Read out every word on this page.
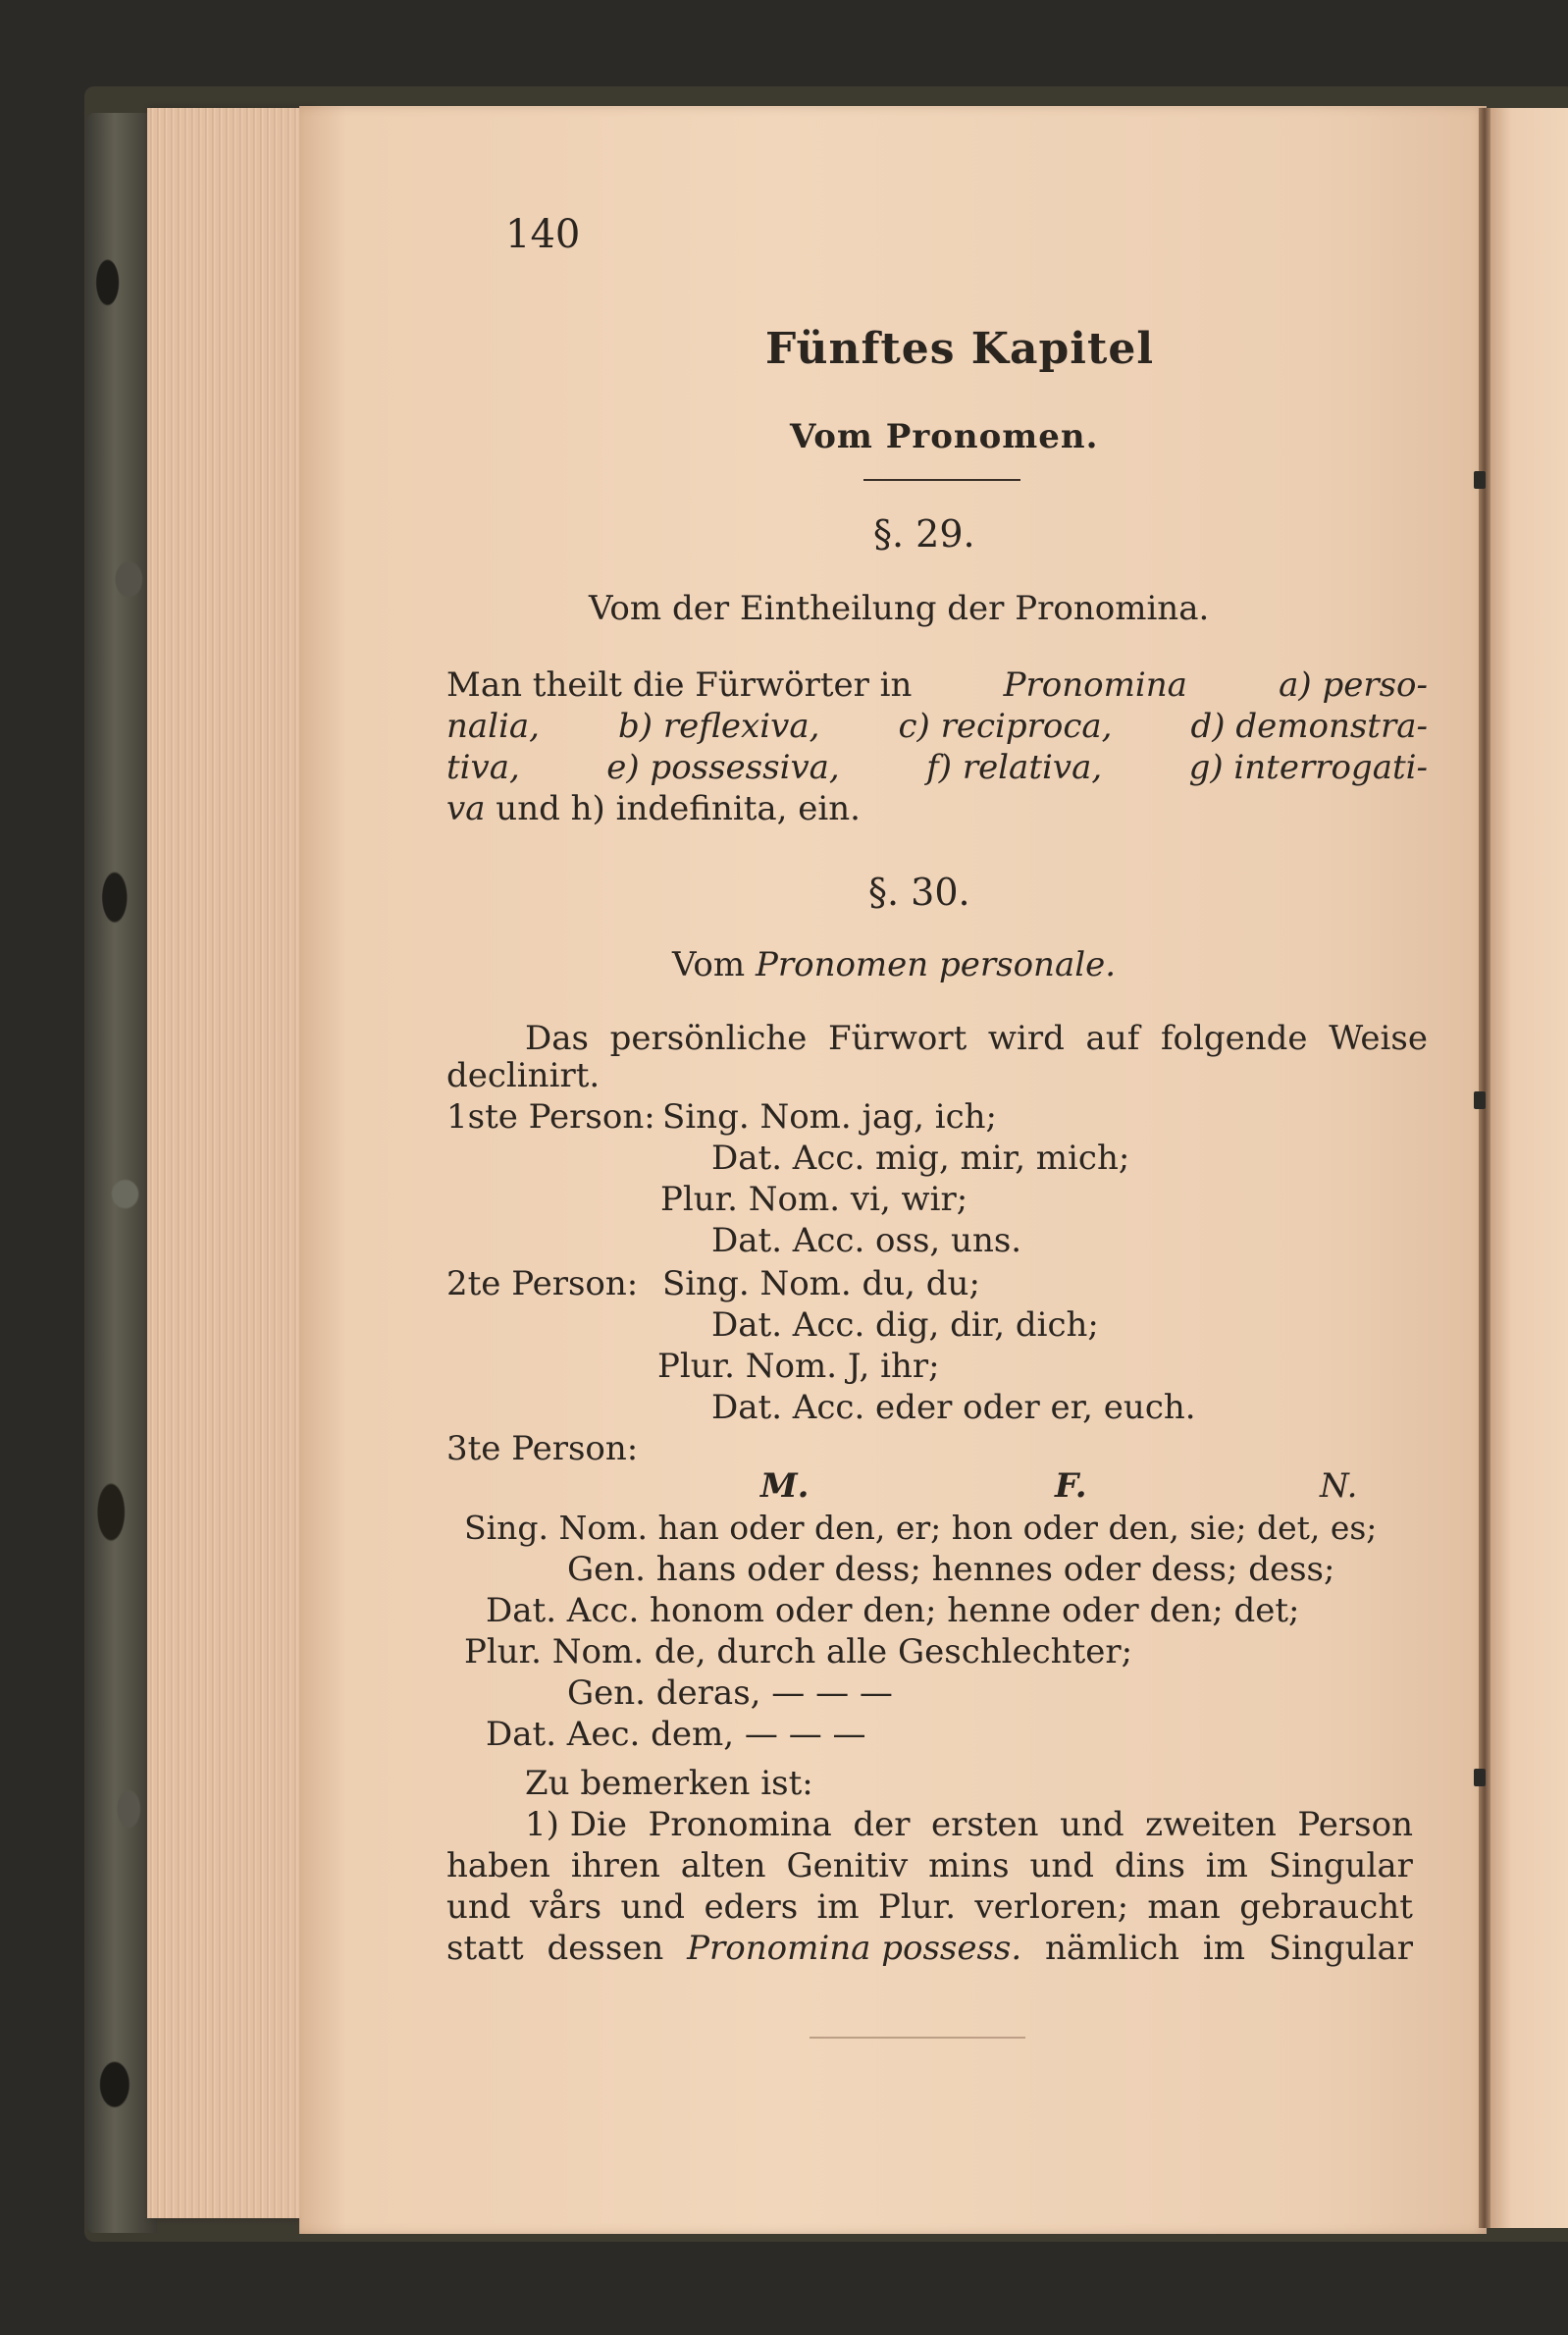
140
Fünftes Kapitel
Vom Pronomen.
§. 29.
Vom der Eintheilung der Pronomina.
Man theilt die Fürwörter in	Pronomina	a) perso-
nalia, b) reflexiva, c) reciproca, d) demonstra-
tiva,	e) possessiva,	f) relativa,	g) interrogati-
va und h) indefinita, ein.
§. 30.
Vom Pronomen personale.
Das persönliche Fürwort wird auf folgende Weise
declinirt.
1ste Person: Sing. Nom. jag, ich;
Dat. Acc. mig, mir, mich;
Plur. Nom. vi, wir;
Dat. Acc. oss, uns.
2te Person: Sing. Nom. du, du;
Dat. Acc. dig, dir, dich;
Plur. Nom. J, ihr;
Dat. Acc. eder oder er, euch.
3te Person:
M.	F.	N.
Sing. Nom. han oder den, er; hon oder den, sie; det, es;
Gen. hans oder dess; hennes oder dess; dess;
Dat. Acc. honom oder den; henne oder den; det;
Plur. Nom. de, durch alle Geschlechter;
Gen. deras, — — —
Dat. Aec. dem, — — —
Zu bemerken ist:
1) Die Pronomina der ersten und zweiten Person
haben ihren alten Genitiv mins und dins im Singular
und vårs und eders im Plur. verloren; man gebraucht
statt dessen Pronomina possess. nämlich im Singular
